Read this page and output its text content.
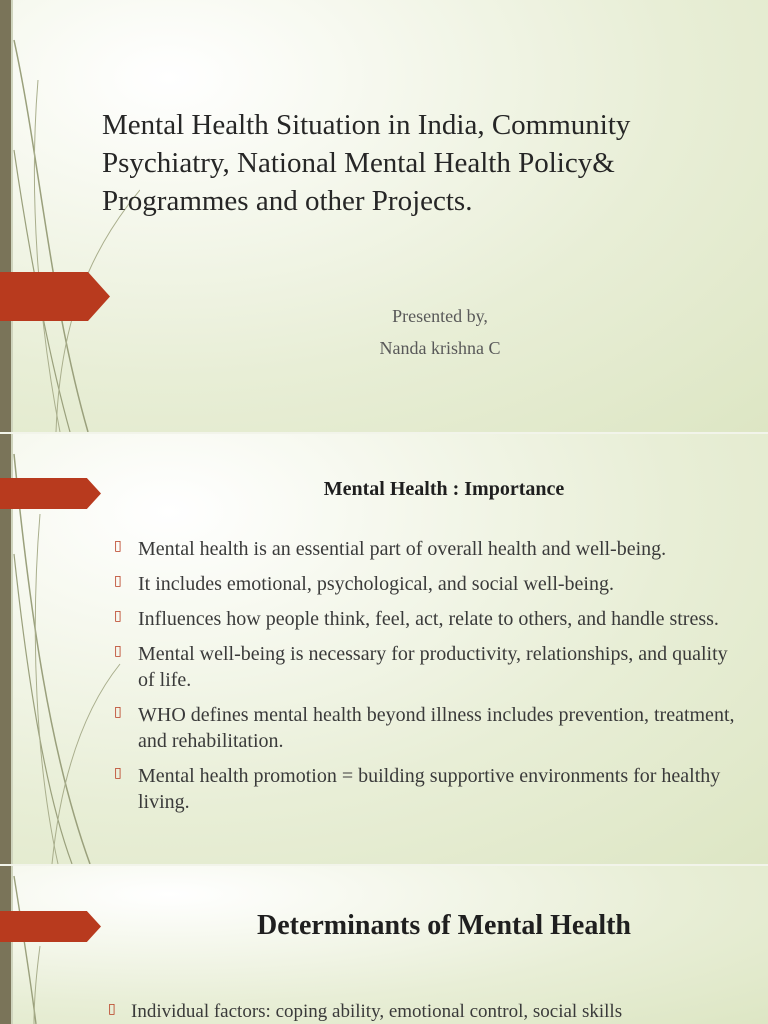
Mental Health Situation in India, Community Psychiatry, National Mental Health Policy& Programmes and other Projects.
Presented by,
Nanda krishna C
Mental Health : Importance
▯ Mental health is an essential part of overall health and well-being.
▯ It includes emotional, psychological, and social well-being.
▯ Influences how people think, feel, act, relate to others, and handle stress.
▯ Mental well-being is necessary for productivity, relationships, and quality of life.
▯ WHO defines mental health beyond illness includes prevention, treatment, and rehabilitation.
▯ Mental health promotion = building supportive environments for healthy living.
Determinants of Mental Health
▯ Individual factors: coping ability, emotional control, social skills
